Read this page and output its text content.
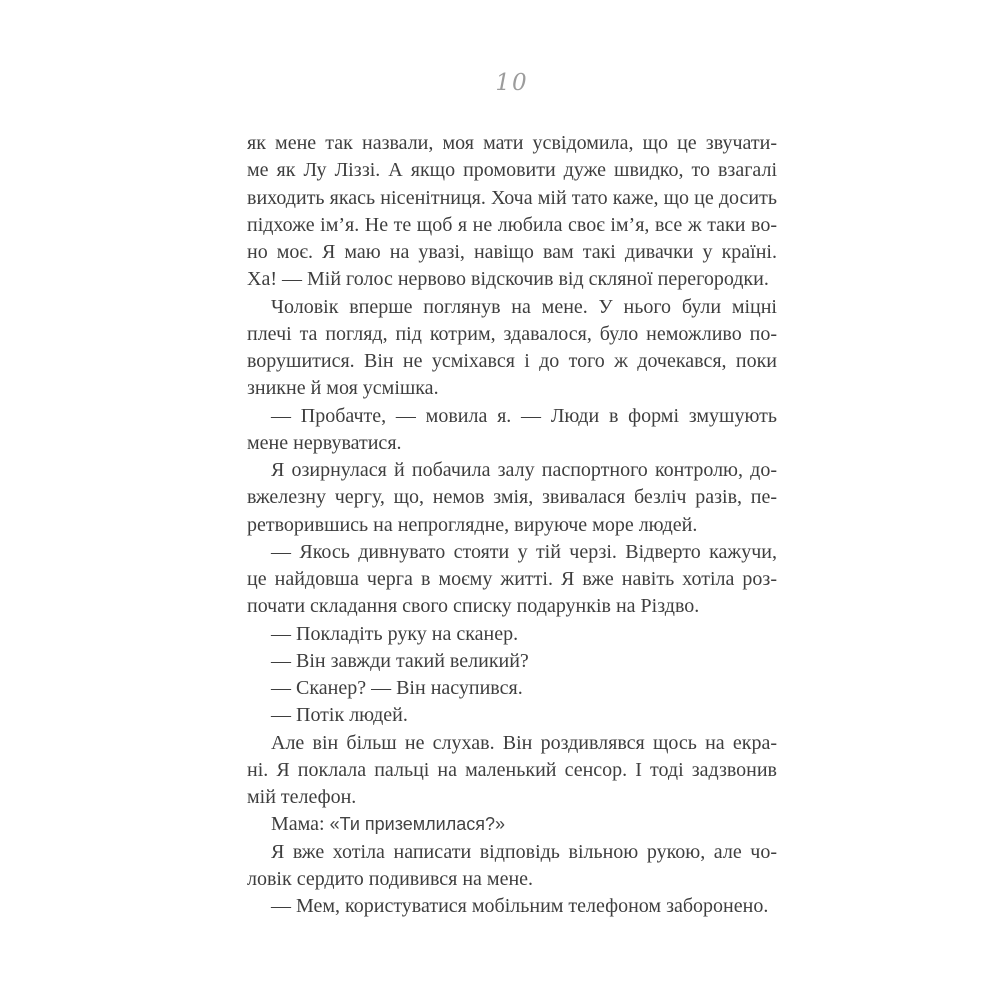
10
як мене так назвали, моя мати усвідомила, що це звучати-
ме як Лу Ліззі. А якщо промовити дуже швидко, то взагалі
виходить якась нісенітниця. Хоча мій тато каже, що це досить
підхоже ім’я. Не те щоб я не любила своє ім’я, все ж таки во-
но моє. Я маю на увазі, навіщо вам такі дивачки у країні.
Ха! — Мій голос нервово відскочив від скляної перегородки.
Чоловік вперше поглянув на мене. У нього були міцні
плечі та погляд, під котрим, здавалося, було неможливо по-
ворушитися. Він не усміхався і до того ж дочекався, поки
зникне й моя усмішка.
— Пробачте, — мовила я. — Люди в формі змушують
мене нервуватися.
Я озирнулася й побачила залу паспортного контролю, до-
вжелезну чергу, що, немов змія, звивалася безліч разів, пе-
ретворившись на непроглядне, вируюче море людей.
— Якось дивнувато стояти у тій черзі. Відверто кажучи,
це найдовша черга в моєму житті. Я вже навіть хотіла роз-
почати складання свого списку подарунків на Різдво.
— Покладіть руку на сканер.
— Він завжди такий великий?
— Сканер? — Він насупився.
— Потік людей.
Але він більш не слухав. Він роздивлявся щось на екра-
ні. Я поклала пальці на маленький сенсор. І тоді задзвонив
мій телефон.
Мама: «Ти приземлилася?»
Я вже хотіла написати відповідь вільною рукою, але чо-
ловік сердито подивився на мене.
— Мем, користуватися мобільним телефоном заборонено.
